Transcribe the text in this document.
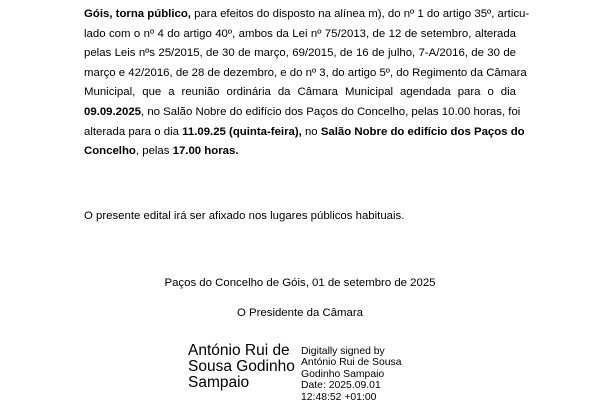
Góis, torna público, para efeitos do disposto na alínea m), do nº 1 do artigo 35º, articu-
lado com o nº 4 do artigo 40º, ambos da Lei nº 75/2013, de 12 de setembro, alterada
pelas Leis nºs 25/2015, de 30 de março, 69/2015, de 16 de julho, 7-A/2016, de 30 de
março e 42/2016, de 28 de dezembro, e do nº 3, do artigo 5º, do Regimento da Câmara
Municipal, que a reunião ordinária da Câmara Municipal agendada para o dia
09.09.2025, no Salão Nobre do edifício dos Paços do Concelho, pelas 10.00 horas, foi
alterada para o dia 11.09.25 (quinta-feira), no Salão Nobre do edifício dos Paços do
Concelho, pelas 17.00 horas.

O presente edital irá ser afixado nos lugares públicos habituais.

Paços do Concelho de Góis, 01 de setembro de 2025

O Presidente da Câmara

António Rui de
Sousa Godinho
Sampaio
Digitally signed by
António Rui de Sousa
Godinho Sampaio
Date: 2025.09.01
12:48:52 +01:00
